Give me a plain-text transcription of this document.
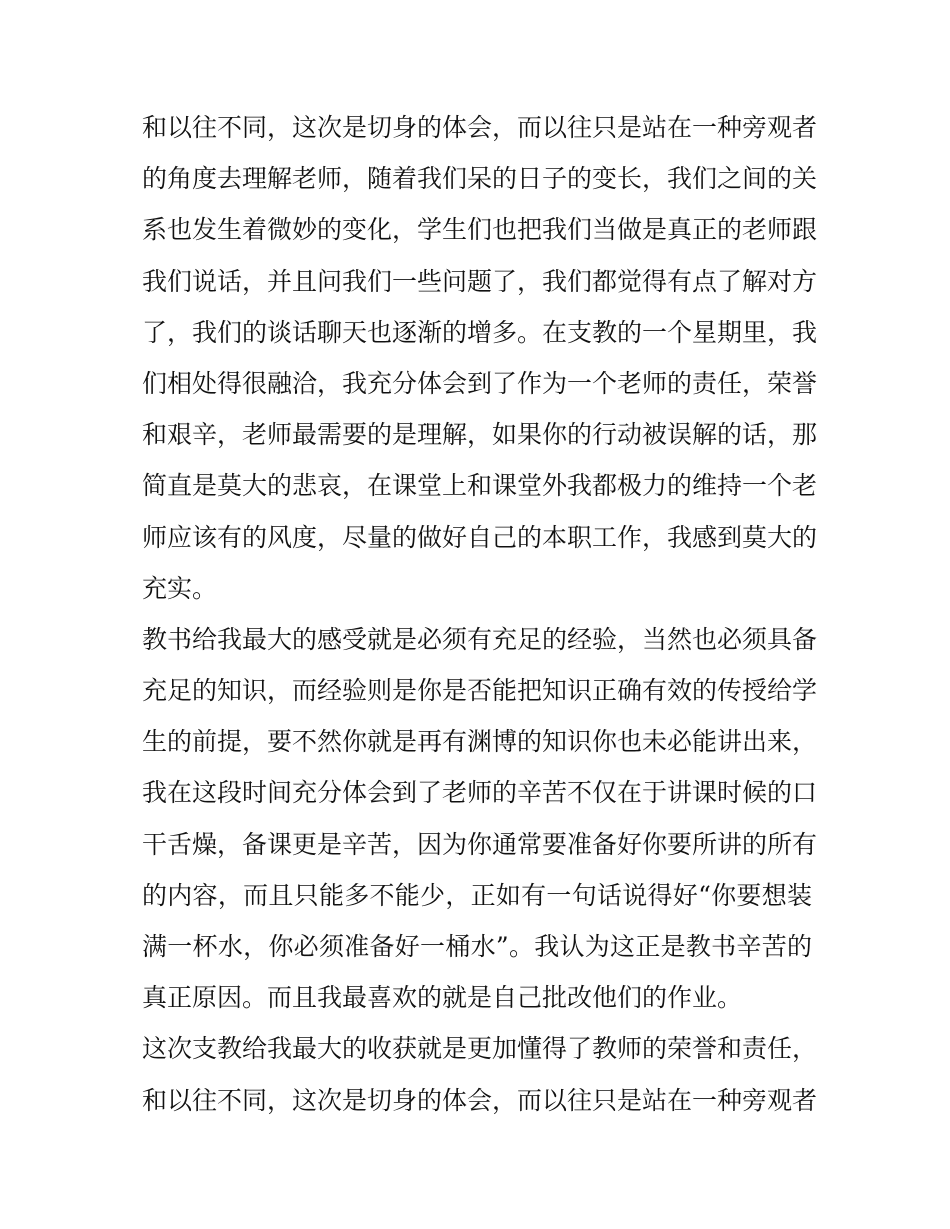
和以往不同，这次是切身的体会，而以往只是站在一种旁观者
的角度去理解老师，随着我们呆的日子的变长，我们之间的关
系也发生着微妙的变化，学生们也把我们当做是真正的老师跟
我们说话，并且问我们一些问题了，我们都觉得有点了解对方
了，我们的谈话聊天也逐渐的增多。在支教的一个星期里，我
们相处得很融洽，我充分体会到了作为一个老师的责任，荣誉
和艰辛，老师最需要的是理解，如果你的行动被误解的话，那
简直是莫大的悲哀，在课堂上和课堂外我都极力的维持一个老
师应该有的风度，尽量的做好自己的本职工作，我感到莫大的
充实。
教书给我最大的感受就是必须有充足的经验，当然也必须具备
充足的知识，而经验则是你是否能把知识正确有效的传授给学
生的前提，要不然你就是再有渊博的知识你也未必能讲出来，
我在这段时间充分体会到了老师的辛苦不仅在于讲课时候的口
干舌燥，备课更是辛苦，因为你通常要准备好你要所讲的所有
的内容，而且只能多不能少，正如有一句话说得好“你要想装
满一杯水，你必须准备好一桶水”。我认为这正是教书辛苦的
真正原因。而且我最喜欢的就是自己批改他们的作业。
这次支教给我最大的收获就是更加懂得了教师的荣誉和责任，
和以往不同，这次是切身的体会，而以往只是站在一种旁观者
